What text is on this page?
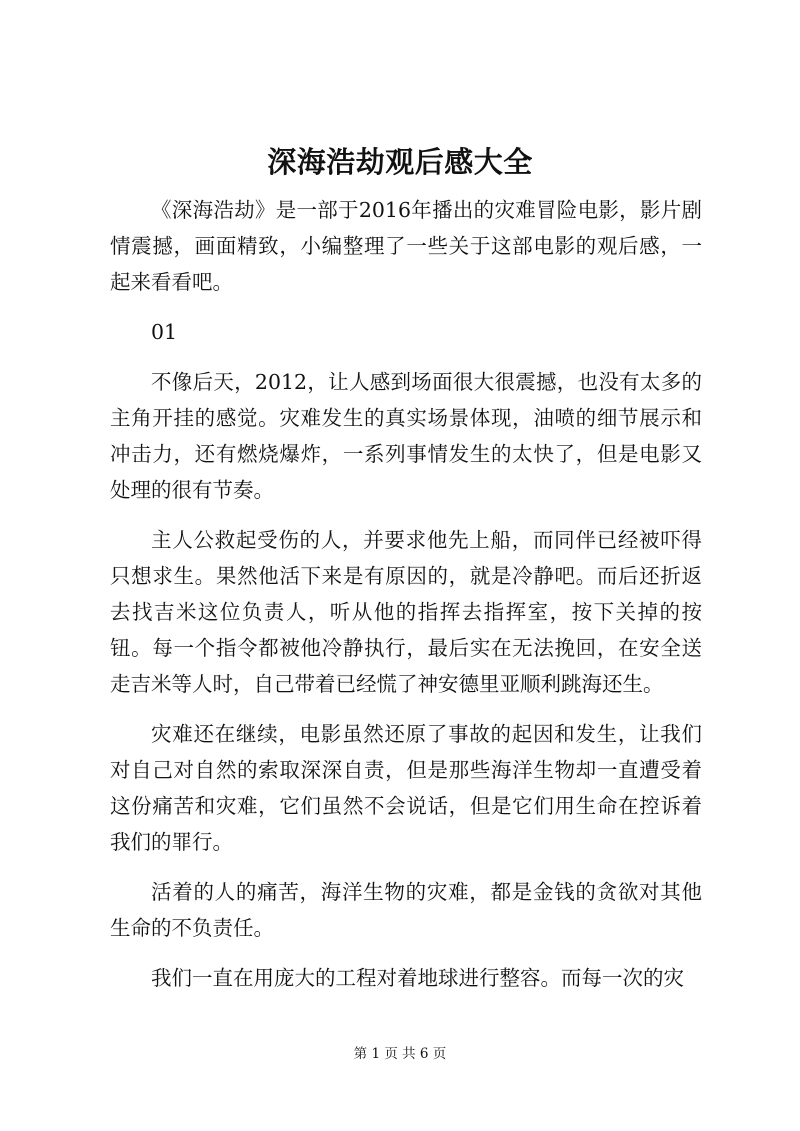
深海浩劫观后感大全

《深海浩劫》是一部于2016年播出的灾难冒险电影，影片剧情震撼，画面精致，小编整理了一些关于这部电影的观后感，一起来看看吧。

01

不像后天，2012，让人感到场面很大很震撼，也没有太多的主角开挂的感觉。灾难发生的真实场景体现，油喷的细节展示和冲击力，还有燃烧爆炸，一系列事情发生的太快了，但是电影又处理的很有节奏。

主人公救起受伤的人，并要求他先上船，而同伴已经被吓得只想求生。果然他活下来是有原因的，就是冷静吧。而后还折返去找吉米这位负责人，听从他的指挥去指挥室，按下关掉的按钮。每一个指令都被他冷静执行，最后实在无法挽回，在安全送走吉米等人时，自己带着已经慌了神安德里亚顺利跳海还生。

灾难还在继续，电影虽然还原了事故的起因和发生，让我们对自己对自然的索取深深自责，但是那些海洋生物却一直遭受着这份痛苦和灾难，它们虽然不会说话，但是它们用生命在控诉着我们的罪行。

活着的人的痛苦，海洋生物的灾难，都是金钱的贪欲对其他生命的不负责任。

我们一直在用庞大的工程对着地球进行整容。而每一次的灾

第 1 页 共 6 页
